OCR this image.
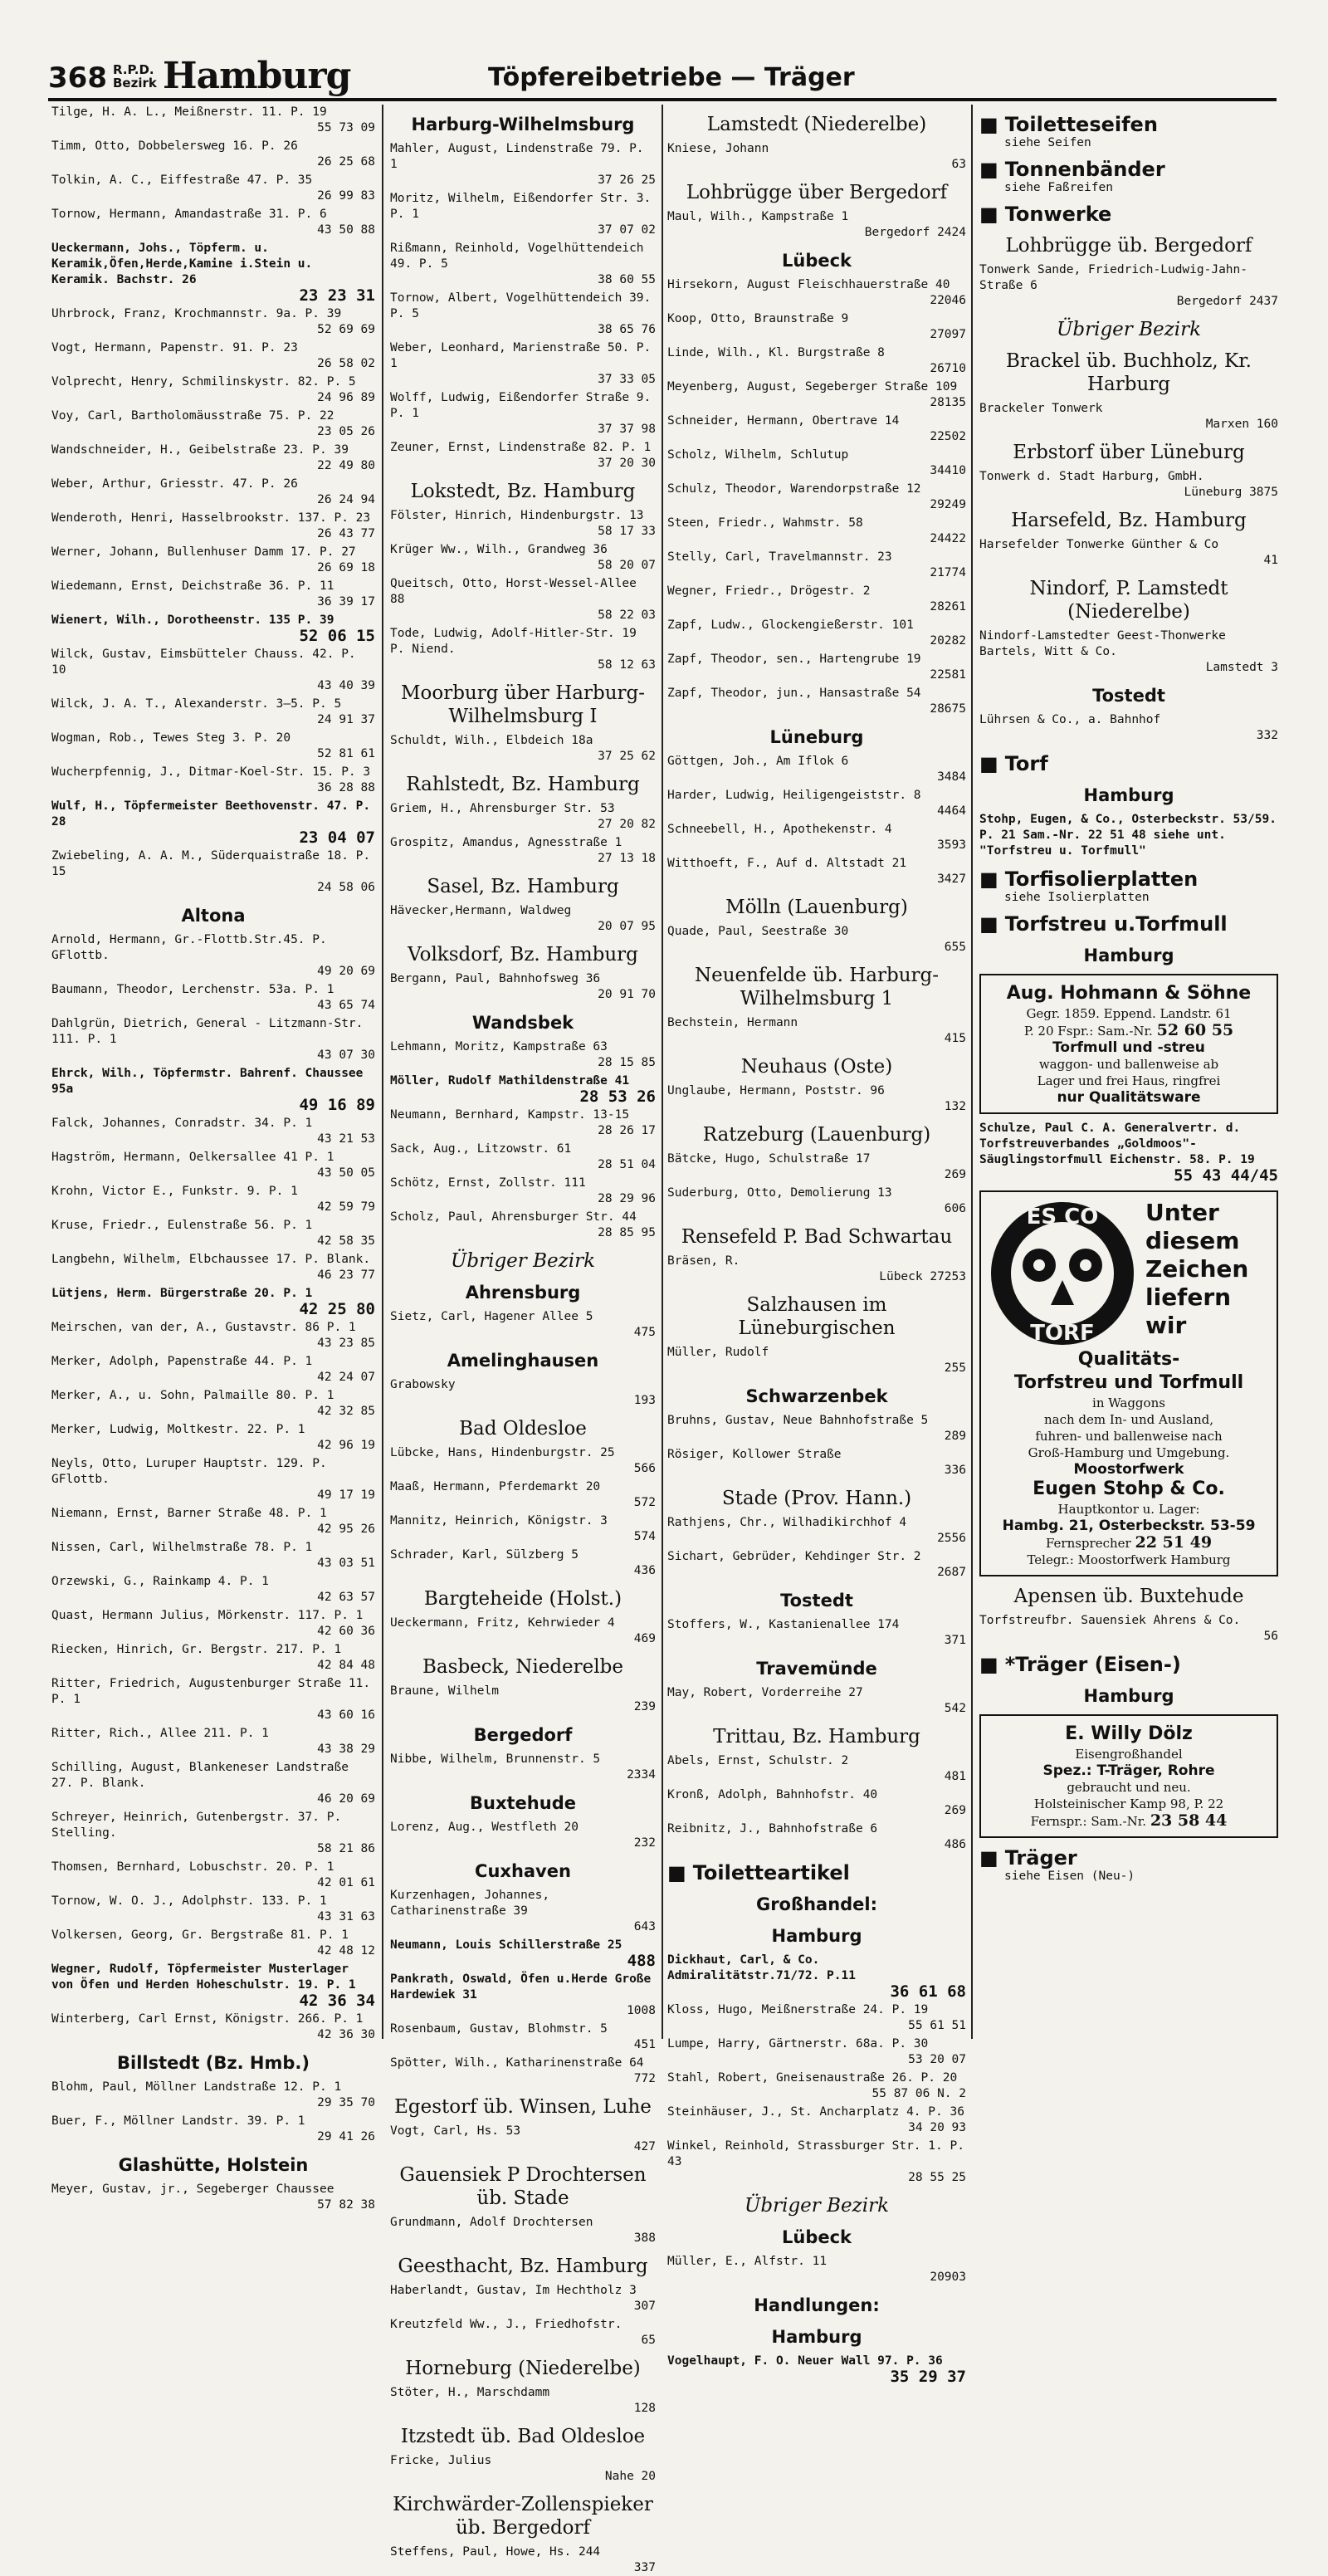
368 R.P.D.
Bezirk Hamburg	Töpfereibetriebe — Träger
Tilge, H. A. L., Meißnerstr. 11. P. 19
55 73 09
Timm, Otto, Dobbelersweg 16. P. 26
26 25 68
Tolkin, A. C., Eiffestraße 47. P. 35
26 99 83
Tornow, Hermann, Amandastraße 31. P. 6
43 50 88
Ueckermann, Johs., Töpferm. u. Keramik,Öfen,Herde,Kamine i.Stein u. Keramik. Bachstr. 26
23 23 31
Uhrbrock, Franz, Krochmannstr. 9a. P. 39
52 69 69
Vogt, Hermann, Papenstr. 91. P. 23
26 58 02
Volprecht, Henry, Schmilinskystr. 82. P. 5
24 96 89
Voy, Carl, Bartholomäusstraße 75. P. 22
23 05 26
Wandschneider, H., Geibelstraße 23. P. 39
22 49 80
Weber, Arthur, Griesstr. 47. P. 26
26 24 94
Wenderoth, Henri, Hasselbrookstr. 137. P. 23
26 43 77
Werner, Johann, Bullenhuser Damm 17. P. 27
26 69 18
Wiedemann, Ernst, Deichstraße 36. P. 11
36 39 17
Wienert, Wilh., Dorotheenstr. 135 P. 39
52 06 15
Wilck, Gustav, Eimsbütteler Chauss. 42. P. 10
43 40 39
Wilck, J. A. T., Alexanderstr. 3—5. P. 5
24 91 37
Wogman, Rob., Tewes Steg 3. P. 20
52 81 61
Wucherpfennig, J., Ditmar-Koel-Str. 15. P. 3
36 28 88
Wulf, H., Töpfermeister Beethovenstr. 47. P. 28
23 04 07
Zwiebeling, A. A. M., Süderquaistraße 18. P. 15
24 58 06
Altona
Arnold, Hermann, Gr.-Flottb.Str.45. P. GFlottb.
49 20 69
Baumann, Theodor, Lerchenstr. 53a. P. 1
43 65 74
Dahlgrün, Dietrich, General - Litzmann-Str. 111. P. 1
43 07 30
Ehrck, Wilh., Töpfermstr. Bahrenf. Chaussee 95a
49 16 89
Falck, Johannes, Conradstr. 34. P. 1
43 21 53
Hagström, Hermann, Oelkersallee 41 P. 1
43 50 05
Krohn, Victor E., Funkstr. 9. P. 1
42 59 79
Kruse, Friedr., Eulenstraße 56. P. 1
42 58 35
Langbehn, Wilhelm, Elbchaussee 17. P. Blank.
46 23 77
Lütjens, Herm. Bürgerstraße 20. P. 1
42 25 80
Meirschen, van der, A., Gustavstr. 86 P. 1
43 23 85
Merker, Adolph, Papenstraße 44. P. 1
42 24 07
Merker, A., u. Sohn, Palmaille 80. P. 1
42 32 85
Merker, Ludwig, Moltkestr. 22. P. 1
42 96 19
Neyls, Otto, Luruper Hauptstr. 129. P. GFlottb.
49 17 19
Niemann, Ernst, Barner Straße 48. P. 1
42 95 26
Nissen, Carl, Wilhelmstraße 78. P. 1
43 03 51
Orzewski, G., Rainkamp 4. P. 1
42 63 57
Quast, Hermann Julius, Mörkenstr. 117. P. 1
42 60 36
Riecken, Hinrich, Gr. Bergstr. 217. P. 1
42 84 48
Ritter, Friedrich, Augustenburger Straße 11. P. 1
43 60 16
Ritter, Rich., Allee 211. P. 1
43 38 29
Schilling, August, Blankeneser Landstraße 27. P. Blank.
46 20 69
Schreyer, Heinrich, Gutenbergstr. 37. P. Stelling.
58 21 86
Thomsen, Bernhard, Lobuschstr. 20. P. 1
42 01 61
Tornow, W. O. J., Adolphstr. 133. P. 1
43 31 63
Volkersen, Georg, Gr. Bergstraße 81. P. 1
42 48 12
Wegner, Rudolf, Töpfermeister Musterlager von Öfen und Herden Hoheschulstr. 19. P. 1
42 36 34
Winterberg, Carl Ernst, Königstr. 266. P. 1
42 36 30
Billstedt (Bz. Hmb.)
Blohm, Paul, Möllner Landstraße 12. P. 1
29 35 70
Buer, F., Möllner Landstr. 39. P. 1
29 41 26
Glashütte, Holstein
Meyer, Gustav, jr., Segeberger Chaussee
57 82 38
Harburg-Wilhelmsburg
Mahler, August, Lindenstraße 79. P. 1
37 26 25
Moritz, Wilhelm, Eißendorfer Str. 3. P. 1
37 07 02
Rißmann, Reinhold, Vogelhüttendeich 49. P. 5
38 60 55
Tornow, Albert, Vogelhüttendeich 39. P. 5
38 65 76
Weber, Leonhard, Marienstraße 50. P. 1
37 33 05
Wolff, Ludwig, Eißendorfer Straße 9. P. 1
37 37 98
Zeuner, Ernst, Lindenstraße 82. P. 1
37 20 30
Lokstedt, Bz. Hamburg
Fölster, Hinrich, Hindenburgstr. 13
58 17 33
Krüger Ww., Wilh., Grandweg 36
58 20 07
Queitsch, Otto, Horst-Wessel-Allee 88
58 22 03
Tode, Ludwig, Adolf-Hitler-Str. 19 P. Niend.
58 12 63
Moorburg über Harburg-Wilhelmsburg I
Schuldt, Wilh., Elbdeich 18a
37 25 62
Rahlstedt, Bz. Hamburg
Griem, H., Ahrensburger Str. 53
27 20 82
Grospitz, Amandus, Agnesstraße 1
27 13 18
Sasel, Bz. Hamburg
Hävecker,Hermann, Waldweg
20 07 95
Volksdorf, Bz. Hamburg
Bergann, Paul, Bahnhofsweg 36
20 91 70
Wandsbek
Lehmann, Moritz, Kampstraße 63
28 15 85
Möller, Rudolf Mathildenstraße 41
28 53 26
Neumann, Bernhard, Kampstr. 13-15
28 26 17
Sack, Aug., Litzowstr. 61
28 51 04
Schötz, Ernst, Zollstr. 111
28 29 96
Scholz, Paul, Ahrensburger Str. 44
28 85 95
Übriger Bezirk
Ahrensburg
Sietz, Carl, Hagener Allee 5
475
Amelinghausen
Grabowsky
193
Bad Oldesloe
Lübcke, Hans, Hindenburgstr. 25
566
Maaß, Hermann, Pferdemarkt 20
572
Mannitz, Heinrich, Königstr. 3
574
Schrader, Karl, Sülzberg 5
436
Bargteheide (Holst.)
Ueckermann, Fritz, Kehrwieder 4
469
Basbeck, Niederelbe
Braune, Wilhelm
239
Bergedorf
Nibbe, Wilhelm, Brunnenstr. 5
2334
Buxtehude
Lorenz, Aug., Westfleth 20
232
Cuxhaven
Kurzenhagen, Johannes, Catharinenstraße 39
643
Neumann, Louis Schillerstraße 25
488
Pankrath, Oswald, Öfen u.Herde Große Hardewiek 31
1008
Rosenbaum, Gustav, Blohmstr. 5
451
Spötter, Wilh., Katharinenstraße 64
772
Egestorf üb. Winsen, Luhe
Vogt, Carl, Hs. 53
427
Gauensiek P Drochtersen üb. Stade
Grundmann, Adolf Drochtersen
388
Geesthacht, Bz. Hamburg
Haberlandt, Gustav, Im Hechtholz 3
307
Kreutzfeld Ww., J., Friedhofstr.
65
Horneburg (Niederelbe)
Stöter, H., Marschdamm
128
Itzstedt üb. Bad Oldesloe
Fricke, Julius
Nahe 20
Kirchwärder-Zollenspieker üb. Bergedorf
Steffens, Paul, Howe, Hs. 244
337
Lamstedt (Niederelbe)
Kniese, Johann
63
Lohbrügge über Bergedorf
Maul, Wilh., Kampstraße 1
Bergedorf 2424
Lübeck
Hirsekorn, August Fleischhauerstraße 40
22046
Koop, Otto, Braunstraße 9
27097
Linde, Wilh., Kl. Burgstraße 8
26710
Meyenberg, August, Segeberger Straße 109
28135
Schneider, Hermann, Obertrave 14
22502
Scholz, Wilhelm, Schlutup
34410
Schulz, Theodor, Warendorpstraße 12
29249
Steen, Friedr., Wahmstr. 58
24422
Stelly, Carl, Travelmannstr. 23
21774
Wegner, Friedr., Drögestr. 2
28261
Zapf, Ludw., Glockengießerstr. 101
20282
Zapf, Theodor, sen., Hartengrube 19
22581
Zapf, Theodor, jun., Hansastraße 54
28675
Lüneburg
Göttgen, Joh., Am Iflok 6
3484
Harder, Ludwig, Heiligengeiststr. 8
4464
Schneebell, H., Apothekenstr. 4
3593
Witthoeft, F., Auf d. Altstadt 21
3427
Mölln (Lauenburg)
Quade, Paul, Seestraße 30
655
Neuenfelde üb. Harburg-Wilhelmsburg 1
Bechstein, Hermann
415
Neuhaus (Oste)
Unglaube, Hermann, Poststr. 96
132
Ratzeburg (Lauenburg)
Bätcke, Hugo, Schulstraße 17
269
Suderburg, Otto, Demolierung 13
606
Rensefeld P. Bad Schwartau
Bräsen, R.
Lübeck 27253
Salzhausen im Lüneburgischen
Müller, Rudolf
255
Schwarzenbek
Bruhns, Gustav, Neue Bahnhofstraße 5
289
Rösiger, Kollower Straße
336
Stade (Prov. Hann.)
Rathjens, Chr., Wilhadikirchhof 4
2556
Sichart, Gebrüder, Kehdinger Str. 2
2687
Tostedt
Stoffers, W., Kastanienallee 174
371
Travemünde
May, Robert, Vorderreihe 27
542
Trittau, Bz. Hamburg
Abels, Ernst, Schulstr. 2
481
Kronß, Adolph, Bahnhofstr. 40
269
Reibnitz, J., Bahnhofstraße 6
486
■ Toiletteartikel
Großhandel:
Hamburg
Dickhaut, Carl, & Co. Admiralitätstr.71/72. P.11
36 61 68
Kloss, Hugo, Meißnerstraße 24. P. 19
55 61 51
Lumpe, Harry, Gärtnerstr. 68a. P. 30
53 20 07
Stahl, Robert, Gneisenaustraße 26. P. 20
55 87 06 N. 2
Steinhäuser, J., St. Ancharplatz 4. P. 36
34 20 93
Winkel, Reinhold, Strassburger Str. 1. P. 43
28 55 25
Übriger Bezirk
Lübeck
Müller, E., Alfstr. 11
20903
Handlungen:
Hamburg
Vogelhaupt, F. O. Neuer Wall 97. P. 36
35 29 37
■ Toiletteseifen
siehe Seifen
■ Tonnenbänder
siehe Faßreifen
■ Tonwerke
Lohbrügge üb. Bergedorf
Tonwerk Sande, Friedrich-Ludwig-Jahn-Straße 6
Bergedorf 2437
Übriger Bezirk
Brackel üb. Buchholz, Kr. Harburg
Brackeler Tonwerk
Marxen 160
Erbstorf über Lüneburg
Tonwerk d. Stadt Harburg, GmbH.
Lüneburg 3875
Harsefeld, Bz. Hamburg
Harsefelder Tonwerke Günther & Co
41
Nindorf, P. Lamstedt (Niederelbe)
Nindorf-Lamstedter Geest-Thonwerke Bartels, Witt & Co.
Lamstedt 3
Tostedt
Lührsen & Co., a. Bahnhof
332
■ Torf
Hamburg
Stohp, Eugen, & Co., Osterbeckstr. 53/59. P. 21 Sam.-Nr. 22 51 48 siehe unt. "Torfstreu u. Torfmull"
■ Torfisolierplatten
siehe Isolierplatten
■ Torfstreu u.Torfmull
Hamburg
Aug. Hohmann & Söhne
Gegr. 1859. Eppend. Landstr. 61
P. 20 Fspr.: Sam.-Nr. 52 60 55
Torfmull und -streu
waggon- und ballenweise ab
Lager und frei Haus, ringfrei
nur Qualitätsware
Schulze, Paul C. A. Generalvertr. d. Torfstreuverbandes „Goldmoos"-Säuglingstorfmull Eichenstr. 58. P. 19
55 43 44/45
ES CO
TORF
Unter
diesem
Zeichen
liefern
wir
Qualitäts-
Torfstreu und Torfmull
in Waggons
nach dem In- und Ausland,
fuhren- und ballenweise nach
Groß-Hamburg und Umgebung.
Moostorfwerk
Eugen Stohp & Co.
Hauptkontor u. Lager:
Hambg. 21, Osterbeckstr. 53-59
Fernsprecher 22 51 49
Telegr.: Moostorfwerk Hamburg
Apensen üb. Buxtehude
Torfstreufbr. Sauensiek Ahrens & Co.
56
■ *Träger (Eisen-)
Hamburg
E. Willy Dölz
Eisengroßhandel
Spez.: T-Träger, Rohre
gebraucht und neu.
Holsteinischer Kamp 98, P. 22
Fernspr.: Sam.-Nr. 23 58 44
■ Träger
siehe Eisen (Neu-)
